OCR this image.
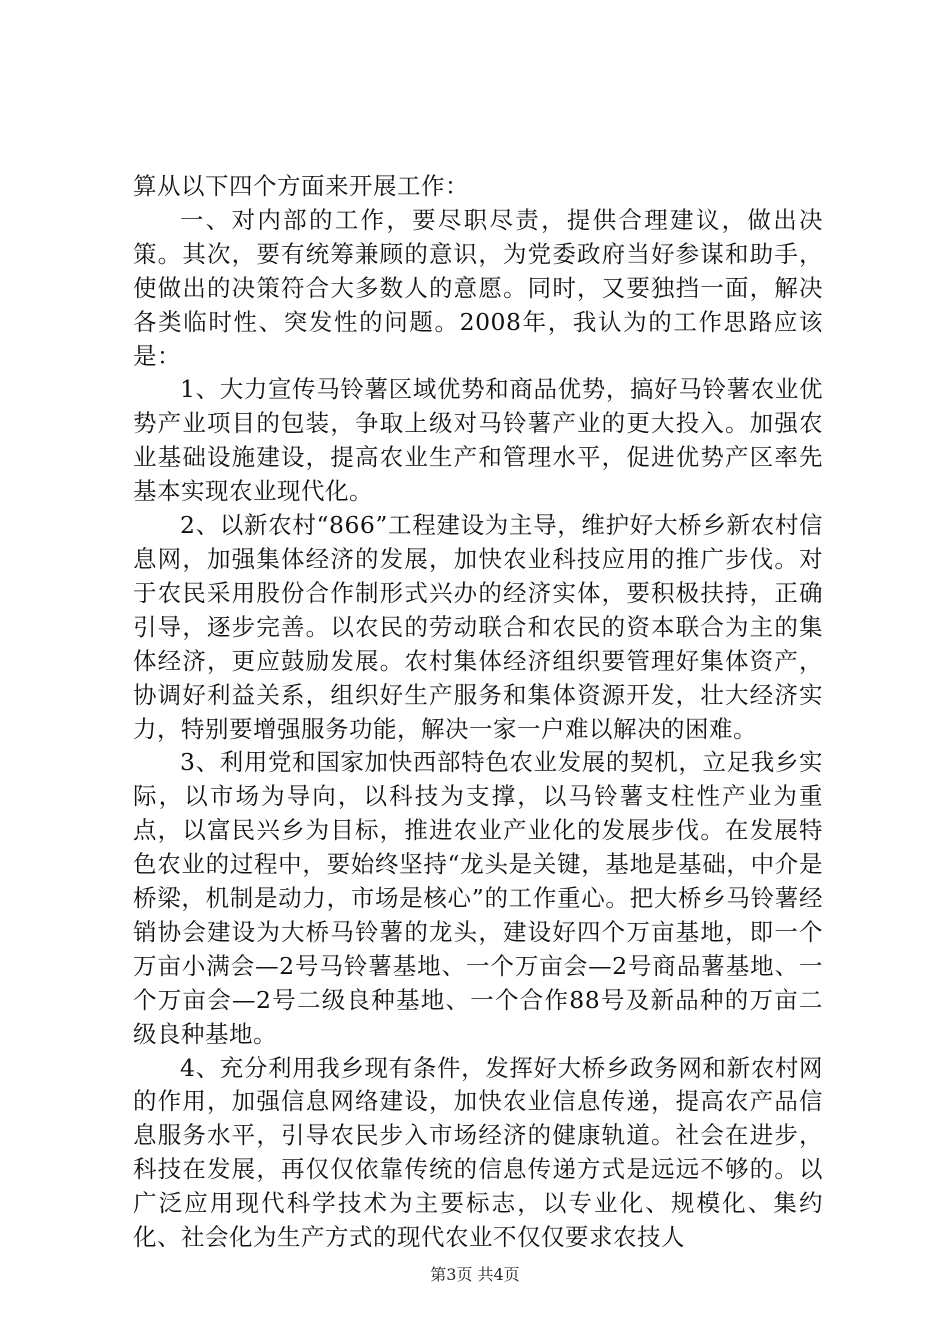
算从以下四个方面来开展工作：

一、对内部的工作，要尽职尽责，提供合理建议，做出决策。其次，要有统筹兼顾的意识，为党委政府当好参谋和助手，使做出的决策符合大多数人的意愿。同时，又要独挡一面，解决各类临时性、突发性的问题。2008年，我认为的工作思路应该是：

1、大力宣传马铃薯区域优势和商品优势，搞好马铃薯农业优势产业项目的包装，争取上级对马铃薯产业的更大投入。加强农业基础设施建设，提高农业生产和管理水平，促进优势产区率先基本实现农业现代化。

2、以新农村“866”工程建设为主导，维护好大桥乡新农村信息网，加强集体经济的发展，加快农业科技应用的推广步伐。对于农民采用股份合作制形式兴办的经济实体，要积极扶持，正确引导，逐步完善。以农民的劳动联合和农民的资本联合为主的集体经济，更应鼓励发展。农村集体经济组织要管理好集体资产，协调好利益关系，组织好生产服务和集体资源开发，壮大经济实力，特别要增强服务功能，解决一家一户难以解决的困难。

3、利用党和国家加快西部特色农业发展的契机，立足我乡实际，以市场为导向，以科技为支撑，以马铃薯支柱性产业为重点，以富民兴乡为目标，推进农业产业化的发展步伐。在发展特色农业的过程中，要始终坚持“龙头是关键，基地是基础，中介是桥梁，机制是动力，市场是核心”的工作重心。把大桥乡马铃薯经销协会建设为大桥马铃薯的龙头，建设好四个万亩基地，即一个万亩小满会—2号马铃薯基地、一个万亩会—2号商品薯基地、一个万亩会—2号二级良种基地、一个合作88号及新品种的万亩二级良种基地。

4、充分利用我乡现有条件，发挥好大桥乡政务网和新农村网的作用，加强信息网络建设，加快农业信息传递，提高农产品信息服务水平，引导农民步入市场经济的健康轨道。社会在进步，科技在发展，再仅仅依靠传统的信息传递方式是远远不够的。以广泛应用现代科学技术为主要标志，以专业化、规模化、集约化、社会化为生产方式的现代农业不仅仅要求农技人

第3页 共4页
